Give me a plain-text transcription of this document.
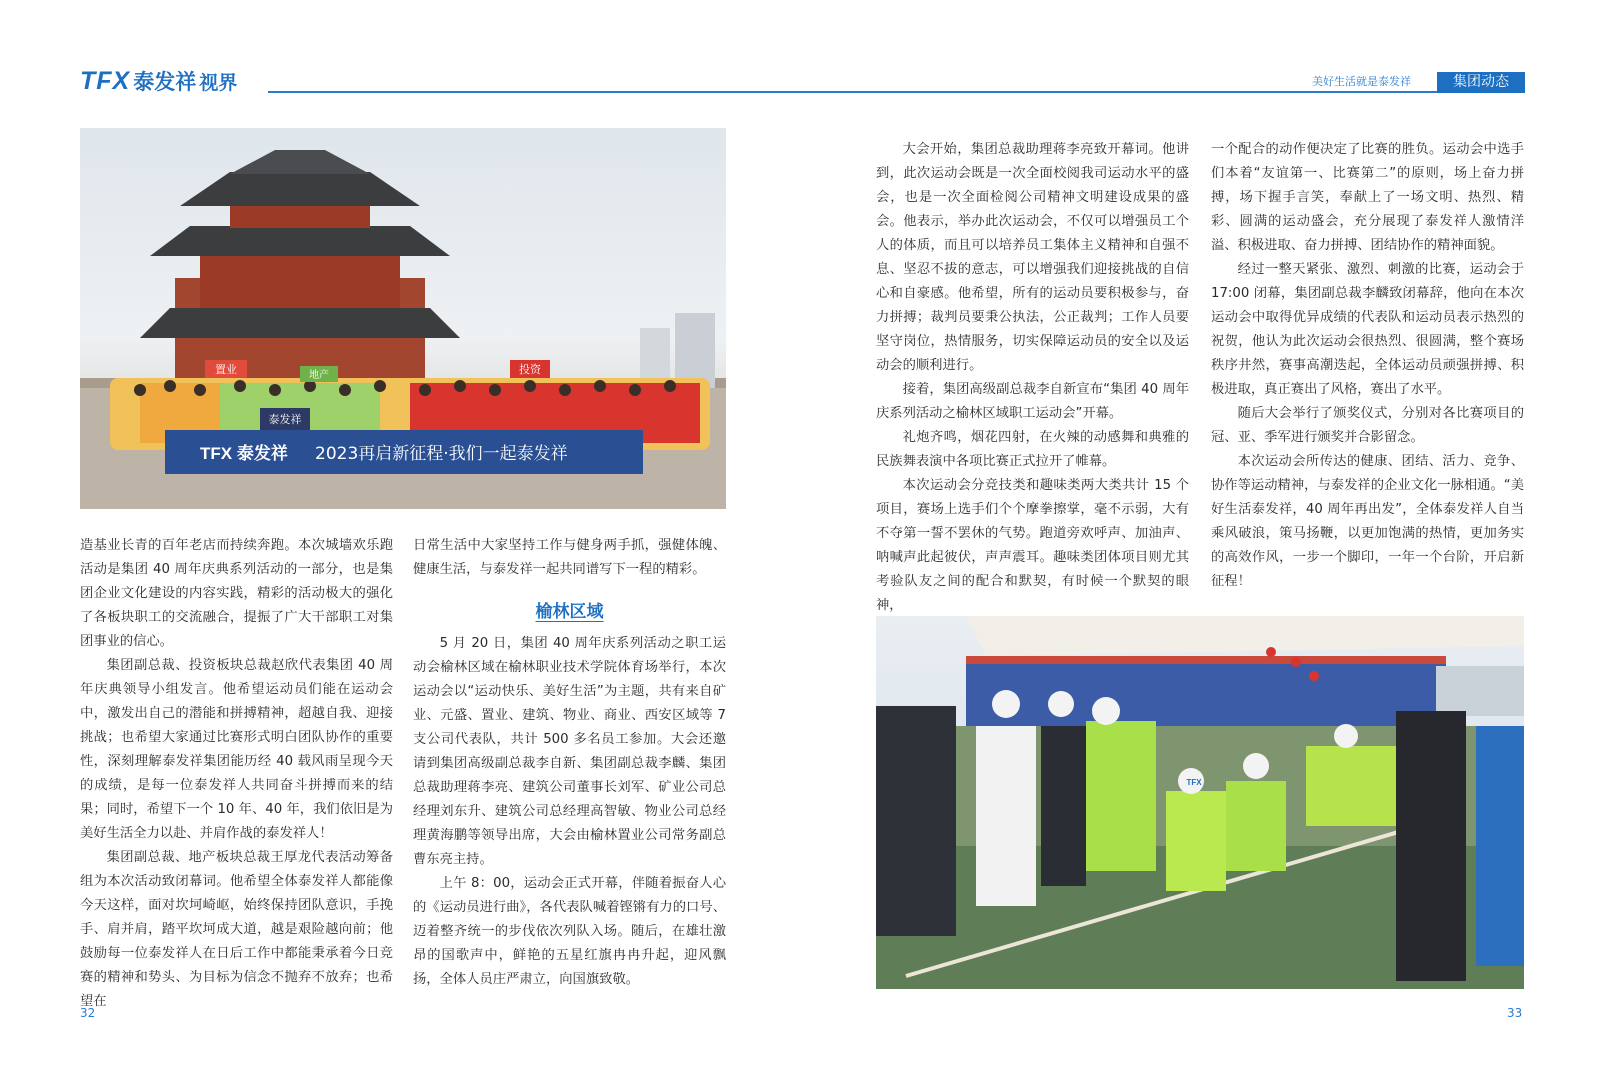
TFX 泰发祥 视界	美好生活就是泰发祥	集团动态
置业	地产	投资
泰发祥
TFX 泰发祥 2023再启新征程·我们一起泰发祥
TFX

造基业长青的百年老店而持续奔跑。本次城墙欢乐跑活动是集团 40 周年庆典系列活动的一部分，也是集团企业文化建设的内容实践，精彩的活动极大的强化了各板块职工的交流融合，提振了广大干部职工对集团事业的信心。

集团副总裁、投资板块总裁赵欣代表集团 40 周年庆典领导小组发言。他希望运动员们能在运动会中，激发出自己的潜能和拼搏精神，超越自我、迎接挑战；也希望大家通过比赛形式明白团队协作的重要性，深刻理解泰发祥集团能历经 40 载风雨呈现今天的成绩，是每一位泰发祥人共同奋斗拼搏而来的结果；同时，希望下一个 10 年、40 年，我们依旧是为美好生活全力以赴、并肩作战的泰发祥人！

集团副总裁、地产板块总裁王厚龙代表活动筹备组为本次活动致闭幕词。他希望全体泰发祥人都能像今天这样，面对坎坷崎岖，始终保持团队意识，手挽手、肩并肩，踏平坎坷成大道，越是艰险越向前；他鼓励每一位泰发祥人在日后工作中都能秉承着今日竞赛的精神和势头、为目标为信念不抛弃不放弃；也希望在

日常生活中大家坚持工作与健身两手抓，强健体魄、健康生活，与泰发祥一起共同谱写下一程的精彩。

榆林区域

5 月 20 日，集团 40 周年庆系列活动之职工运动会榆林区域在榆林职业技术学院体育场举行，本次运动会以“运动快乐、美好生活”为主题，共有来自矿业、元盛、置业、建筑、物业、商业、西安区域等 7 支公司代表队，共计 500 多名员工参加。大会还邀请到集团高级副总裁李自新、集团副总裁李麟、集团总裁助理蒋李亮、建筑公司董事长刘军、矿业公司总经理刘东升、建筑公司总经理高智敏、物业公司总经理黄海鹏等领导出席，大会由榆林置业公司常务副总曹东亮主持。

上午 8：00，运动会正式开幕，伴随着振奋人心的《运动员进行曲》，各代表队喊着铿锵有力的口号、迈着整齐统一的步伐依次列队入场。随后，在雄壮激昂的国歌声中，鲜艳的五星红旗冉冉升起，迎风飘扬，全体人员庄严肃立，向国旗致敬。

大会开始，集团总裁助理蒋李亮致开幕词。他讲到，此次运动会既是一次全面校阅我司运动水平的盛会，也是一次全面检阅公司精神文明建设成果的盛会。他表示，举办此次运动会，不仅可以增强员工个人的体质，而且可以培养员工集体主义精神和自强不息、坚忍不拔的意志，可以增强我们迎接挑战的自信心和自豪感。他希望，所有的运动员要积极参与，奋力拼搏；裁判员要秉公执法，公正裁判；工作人员要坚守岗位，热情服务，切实保障运动员的安全以及运动会的顺利进行。

接着，集团高级副总裁李自新宣布“集团 40 周年庆系列活动之榆林区域职工运动会”开幕。

礼炮齐鸣，烟花四射，在火辣的动感舞和典雅的民族舞表演中各项比赛正式拉开了帷幕。

本次运动会分竞技类和趣味类两大类共计 15 个项目，赛场上选手们个个摩拳擦掌，毫不示弱，大有不夺第一誓不罢休的气势。跑道旁欢呼声、加油声、呐喊声此起彼伏，声声震耳。趣味类团体项目则尤其考验队友之间的配合和默契，有时候一个默契的眼神，

一个配合的动作便决定了比赛的胜负。运动会中选手们本着“友谊第一、比赛第二”的原则，场上奋力拼搏，场下握手言笑，奉献上了一场文明、热烈、精彩、圆满的运动盛会，充分展现了泰发祥人激情洋溢、积极进取、奋力拼搏、团结协作的精神面貌。

经过一整天紧张、激烈、刺激的比赛，运动会于 17:00 闭幕，集团副总裁李麟致闭幕辞，他向在本次运动会中取得优异成绩的代表队和运动员表示热烈的祝贺，他认为此次运动会很热烈、很圆满，整个赛场秩序井然，赛事高潮迭起，全体运动员顽强拼搏、积极进取，真正赛出了风格，赛出了水平。

随后大会举行了颁奖仪式，分别对各比赛项目的冠、亚、季军进行颁奖并合影留念。

本次运动会所传达的健康、团结、活力、竞争、协作等运动精神，与泰发祥的企业文化一脉相通。“美好生活泰发祥，40 周年再出发”，全体泰发祥人自当乘风破浪，策马扬鞭，以更加饱满的热情，更加务实的高效作风，一步一个脚印，一年一个台阶，开启新征程！

32	33
